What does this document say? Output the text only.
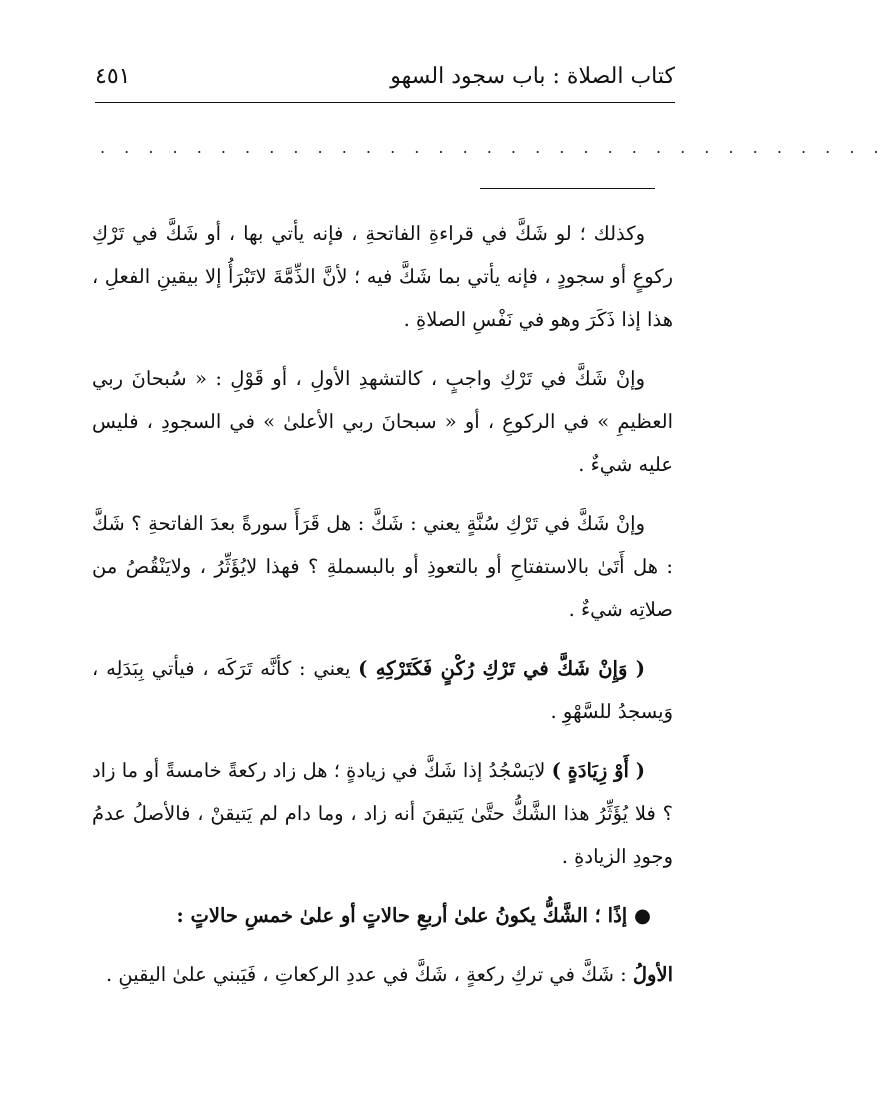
٤٥١	كتاب الصلاة : باب سجود السهو
. . . . . . . . . . . . . . . . . . . . . . . . . . . . . . . . .

وكذلك ؛ لو شَكَّ في قراءةِ الفاتحةِ ، فإنه يأتي بها ، أو شَكَّ في تَرْكِ ركوعٍ أو سجودٍ ، فإنه يأتي بما شَكَّ فيه ؛ لأنَّ الذِّمَّةَ لاتَبْرَأُ إلا بيقينِ الفعلِ ، هذا إذا ذَكَرَ وهو في نَفْسِ الصلاةِ .

وإنْ شَكَّ في تَرْكِ واجبٍ ، كالتشهدِ الأولِ ، أو قَوْلِ : « سُبحانَ ربي العظيمِ » في الركوعِ ، أو « سبحانَ ربي الأعلىٰ » في السجودِ ، فليس عليه شيءٌ .

وإنْ شَكَّ في تَرْكِ سُنَّةٍ يعني : شَكَّ : هل قَرَأَ سورةً بعدَ الفاتحةِ ؟ شَكَّ : هل أَتَىٰ بالاستفتاحِ أو بالتعوذِ أو بالبسملةِ ؟ فهذا لايُؤَثِّرُ ، ولايَنْقُصُ من صلاتِه شيءٌ .

( وَإِنْ شَكَّ في تَرْكِ رُكْنٍ فَكَتَرْكِهِ ) يعني : كأنَّه تَرَكَه ، فيأتي بِبَدَلِه ، وَيسجدُ للسَّهْوِ .

( أَوْ زِيَادَةٍ ) لايَسْجُدُ إذا شَكَّ في زيادةٍ ؛ هل زاد ركعةً خامسةً أو ما زاد ؟ فلا يُؤَثِّرُ هذا الشَّكُّ حتَّىٰ يَتيقنَ أنه زاد ، وما دام لم يَتيقنْ ، فالأصلُ عدمُ وجودِ الزيادةِ .

● إذًا ؛ الشَّكُّ يكونُ علىٰ أربعِ حالاتٍ أو علىٰ خمسِ حالاتٍ :

الأولُ : شَكَّ في تركِ ركعةٍ ، شَكَّ في عددِ الركعاتِ ، فَيَبني علىٰ اليقينِ .
